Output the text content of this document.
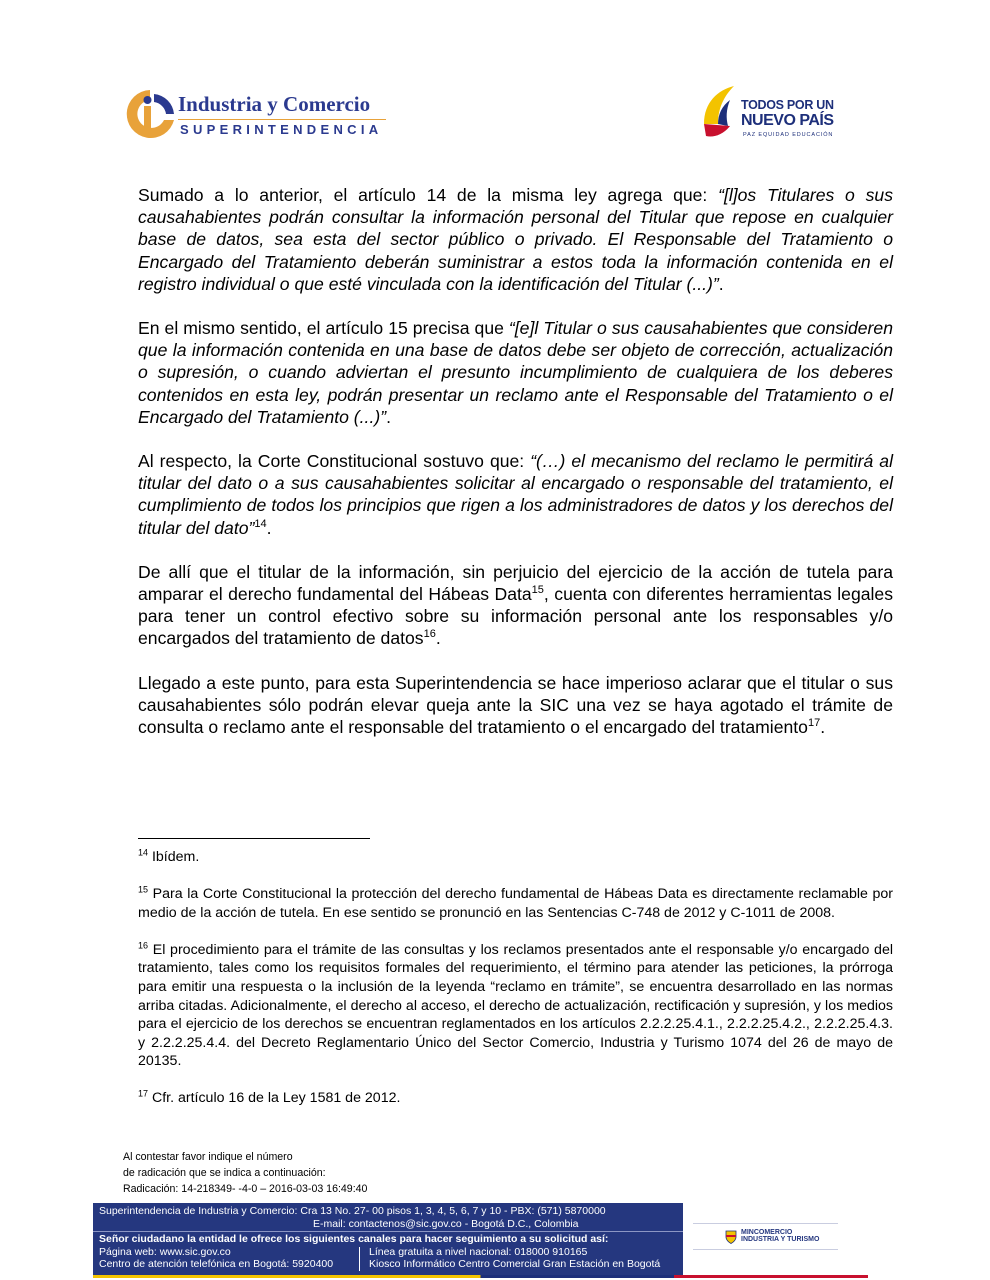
Industria y Comercio
SUPERINTENDENCIA
TODOS POR UN
NUEVO PAÍS
PAZ EQUIDAD EDUCACIÓN

Sumado a lo anterior, el artículo 14 de la misma ley agrega que: “[l]os Titulares o sus causahabientes podrán consultar la información personal del Titular que repose en cualquier base de datos, sea esta del sector público o privado. El Responsable del Tratamiento o Encargado del Tratamiento deberán suministrar a estos toda la información contenida en el registro individual o que esté vinculada con la identificación del Titular (...)”.

En el mismo sentido, el artículo 15 precisa que “[e]l Titular o sus causahabientes que consideren que la información contenida en una base de datos debe ser objeto de corrección, actualización o supresión, o cuando adviertan el presunto incumplimiento de cualquiera de los deberes contenidos en esta ley, podrán presentar un reclamo ante el Responsable del Tratamiento o el Encargado del Tratamiento (...)”.

Al respecto, la Corte Constitucional sostuvo que: “(…) el mecanismo del reclamo le permitirá al titular del dato o a sus causahabientes solicitar al encargado o responsable del tratamiento, el cumplimiento de todos los principios que rigen a los administradores de datos y los derechos del titular del dato”$^{14}$.

De allí que el titular de la información, sin perjuicio del ejercicio de la acción de tutela para amparar el derecho fundamental del Hábeas Data$^{15}$, cuenta con diferentes herramientas legales para tener un control efectivo sobre su información personal ante los responsables y/o encargados del tratamiento de datos$^{16}$.

Llegado a este punto, para esta Superintendencia se hace imperioso aclarar que el titular o sus causahabientes sólo podrán elevar queja ante la SIC una vez se haya agotado el trámite de consulta o reclamo ante el responsable del tratamiento o el encargado del tratamiento$^{17}$.

$^{14}$ Ibídem.

$^{15}$ Para la Corte Constitucional la protección del derecho fundamental de Hábeas Data es directamente reclamable por medio de la acción de tutela. En ese sentido se pronunció en las Sentencias C-748 de 2012 y C-1011 de 2008.

$^{16}$ El procedimiento para el trámite de las consultas y los reclamos presentados ante el responsable y/o encargado del tratamiento, tales como los requisitos formales del requerimiento, el término para atender las peticiones, la prórroga para emitir una respuesta o la inclusión de la leyenda “reclamo en trámite”, se encuentra desarrollado en las normas arriba citadas. Adicionalmente, el derecho al acceso, el derecho de actualización, rectificación y supresión, y los medios para el ejercicio de los derechos se encuentran reglamentados en los artículos 2.2.2.25.4.1., 2.2.2.25.4.2., 2.2.2.25.4.3. y 2.2.2.25.4.4. del Decreto Reglamentario Único del Sector Comercio, Industria y Turismo 1074 del 26 de mayo de 20135.

$^{17}$ Cfr. artículo 16 de la Ley 1581 de 2012.

Al contestar favor indique el número
de radicación que se indica a continuación:
Radicación: 14-218349- -4-0 – 2016-03-03 16:49:40
Superintendencia de Industria y Comercio: Cra 13 No. 27- 00 pisos 1, 3, 4, 5, 6, 7 y 10 - PBX: (571) 5870000
E-mail: contactenos@sic.gov.co - Bogotá D.C., Colombia
Señor ciudadano la entidad le ofrece los siguientes canales para hacer seguimiento a su solicitud así:
Página web: www.sic.gov.co
Centro de atención telefónica en Bogotá: 5920400
Línea gratuita a nivel nacional: 018000 910165
Kiosco Informático Centro Comercial Gran Estación en Bogotá
MINCOMERCIO
INDUSTRIA Y TURISMO
